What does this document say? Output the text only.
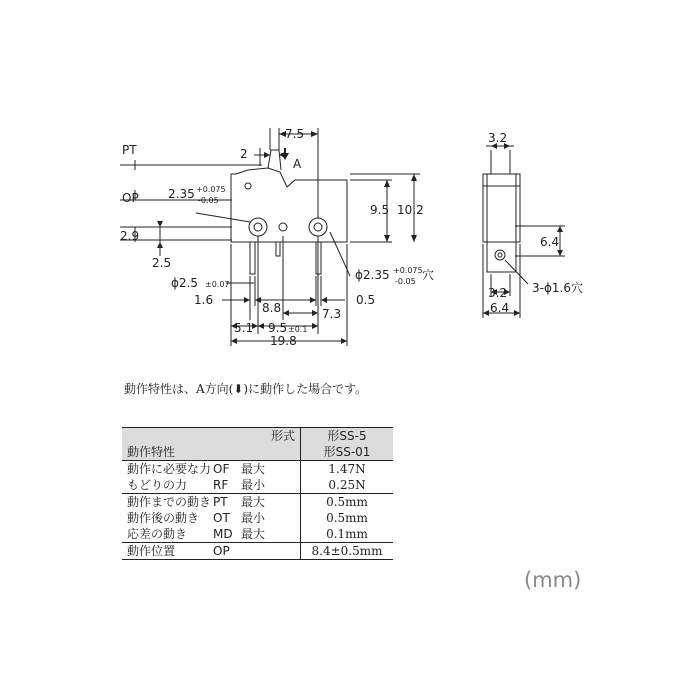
PT
OP
2
7.5
A
2.35 +0.075
-0.05
2.9
2.5
9.5 10.2
ϕ2.5 ±0.07
ϕ2.35 +0.075
-0.05 穴
1.6
8.8
0.5
7.3
5.1 9.5 ±0.1
19.8
3.2
6.4
3.2
6.4
3-ϕ1.6穴
動作特性は、A方向(⬇)に動作した場合です。
形式	形SS-5
動作特性	形SS-01
動作に必要な力 OF 最大	1.47N
もどりの力 RF 最小	0.25N
動作までの動き PT 最大	0.5mm
動作後の動き OT 最小	0.5mm
応差の動き MD 最大	0.1mm
動作位置 OP	8.4±0.5mm
(mm)
